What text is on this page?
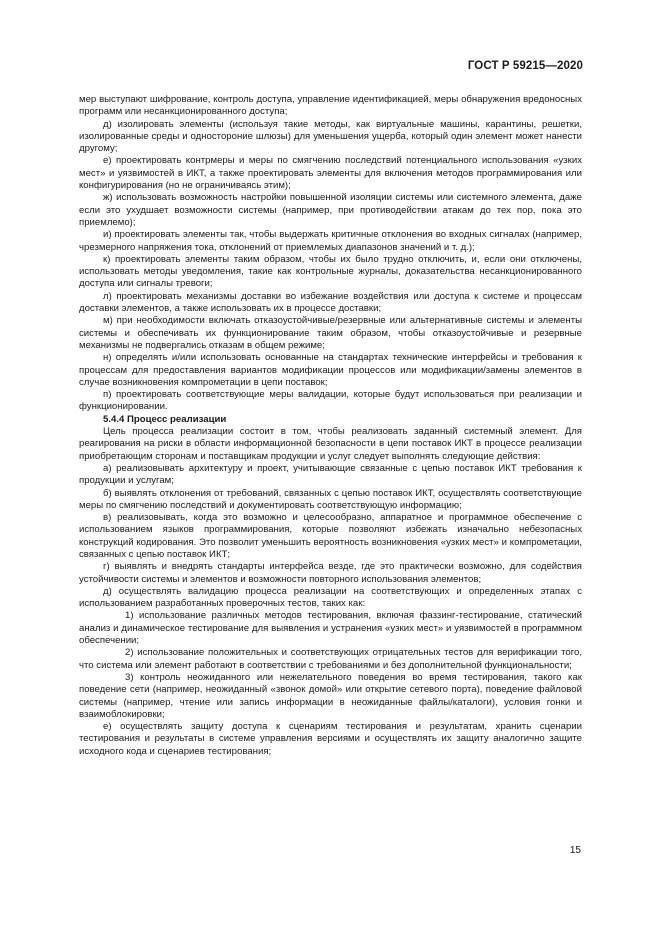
ГОСТ Р 59215—2020

мер выступают шифрование, контроль доступа, управление идентификацией, меры обнаружения вредоносных программ или несанкционированного доступа;

д) изолировать элементы (используя такие методы, как виртуальные машины, карантины, решетки, изолированные среды и одностороние шлюзы) для уменьшения ущерба, который один элемент может нанести другому;

е) проектировать контрмеры и меры по смягчению последствий потенциального использования «узких мест» и уязвимостей в ИКТ, а также проектировать элементы для включения методов программирования или конфигурирования (но не ограничиваясь этим);

ж) использовать возможность настройки повышенной изоляции системы или системного элемента, даже если это ухудшает возможности системы (например, при противодействии атакам до тех пор, пока это приемлемо);

и) проектировать элементы так, чтобы выдержать критичные отклонения во входных сигналах (например, чрезмерного напряжения тока, отклонений от приемлемых диапазонов значений и т. д.);

к) проектировать элементы таким образом, чтобы их было трудно отключить, и, если они отключены, использовать методы уведомления, такие как контрольные журналы, доказательства несанкционированного доступа или сигналы тревоги;

л) проектировать механизмы доставки во избежание воздействия или доступа к системе и процессам доставки элементов, а также использовать их в процессе доставки;

м) при необходимости включать отказоустойчивые/резервные или альтернативные системы и элементы системы и обеспечивать их функционирование таким образом, чтобы отказоустойчивые и резервные механизмы не подвергались отказам в общем режиме;

н) определять и/или использовать основанные на стандартах технические интерфейсы и требования к процессам для предоставления вариантов модификации процессов или модификации/замены элементов в случае возникновения компрометации в цепи поставок;

п) проектировать соответствующие меры валидации, которые будут использоваться при реализации и функционировании.

5.4.4 Процесс реализации

Цель процесса реализации состоит в том, чтобы реализовать заданный системный элемент. Для реагирования на риски в области информационной безопасности в цепи поставок ИКТ в процессе реализации приобретающим сторонам и поставщикам продукции и услуг следует выполнять следующие действия:

а) реализовывать архитектуру и проект, учитывающие связанные с цепью поставок ИКТ требования к продукции и услугам;

б) выявлять отклонения от требований, связанных с цепью поставок ИКТ, осуществлять соответствующие меры по смягчению последствий и документировать соответствующую информацию;

в) реализовывать, когда это возможно и целесообразно, аппаратное и программное обеспечение с использованием языков программирования, которые позволяют избежать изначально небезопасных конструкций кодирования. Это позволит уменьшить вероятность возникновения «узких мест» и компрометации, связанных с цепью поставок ИКТ;

г) выявлять и внедрять стандарты интерфейса везде, где это практически возможно, для содействия устойчивости системы и элементов и возможности повторного использования элементов;

д) осуществлять валидацию процесса реализации на соответствующих и определенных этапах с использованием разработанных проверочных тестов, таких как:

1) использование различных методов тестирования, включая фаззинг-тестирование, статический анализ и динамическое тестирование для выявления и устранения «узких мест» и уязвимостей в программном обеспечении;

2) использование положительных и соответствующих отрицательных тестов для верификации того, что система или элемент работают в соответствии с требованиями и без дополнительной функциональности;

3) контроль неожиданного или нежелательного поведения во время тестирования, такого как поведение сети (например, неожиданный «звонок домой» или открытие сетевого порта), поведение файловой системы (например, чтение или запись информации в неожиданные файлы/каталоги), условия гонки и взаимоблокировки;

е) осуществлять защиту доступа к сценариям тестирования и результатам, хранить сценарии тестирования и результаты в системе управления версиями и осуществлять их защиту аналогично защите исходного кода и сценариев тестирования;

15
